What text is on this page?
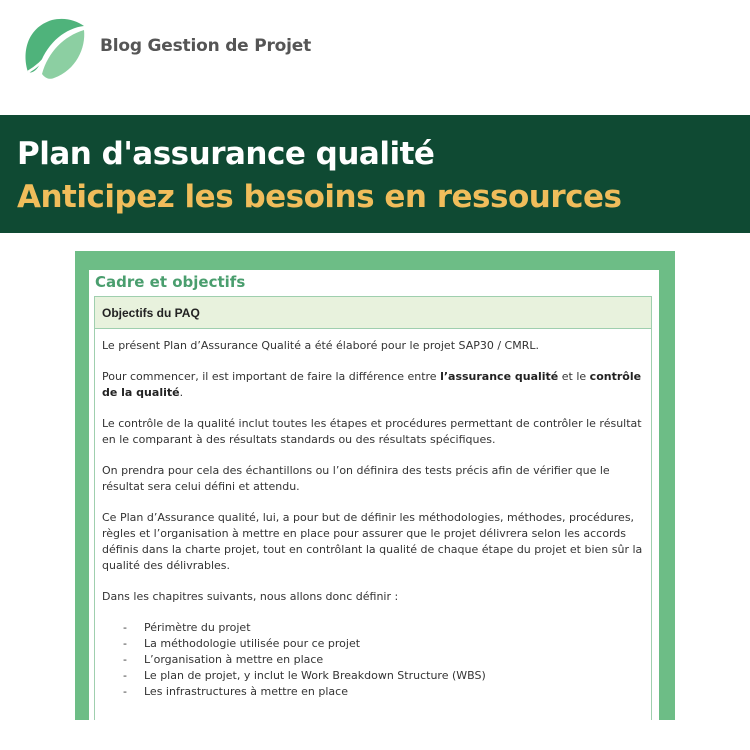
Blog Gestion de Projet
Plan d'assurance qualité
Anticipez les besoins en ressources
Cadre et objectifs
Objectifs du PAQ

Le présent Plan d’Assurance Qualité a été élaboré pour le projet SAP30 / CMRL.

Pour commencer, il est important de faire la différence entre l’assurance qualité et le contrôle de la qualité.

Le contrôle de la qualité inclut toutes les étapes et procédures permettant de contrôler le résultat en le comparant à des résultats standards ou des résultats spécifiques.

On prendra pour cela des échantillons ou l’on définira des tests précis afin de vérifier que le résultat sera celui défini et attendu.

Ce Plan d’Assurance qualité, lui, a pour but de définir les méthodologies, méthodes, procédures, règles et l’organisation à mettre en place pour assurer que le projet délivrera selon les accords définis dans la charte projet, tout en contrôlant la qualité de chaque étape du projet et bien sûr la qualité des délivrables.

Dans les chapitres suivants, nous allons donc définir :

- Périmètre du projet
- La méthodologie utilisée pour ce projet
- L’organisation à mettre en place
- Le plan de projet, y inclut le Work Breakdown Structure (WBS)
- Les infrastructures à mettre en place
